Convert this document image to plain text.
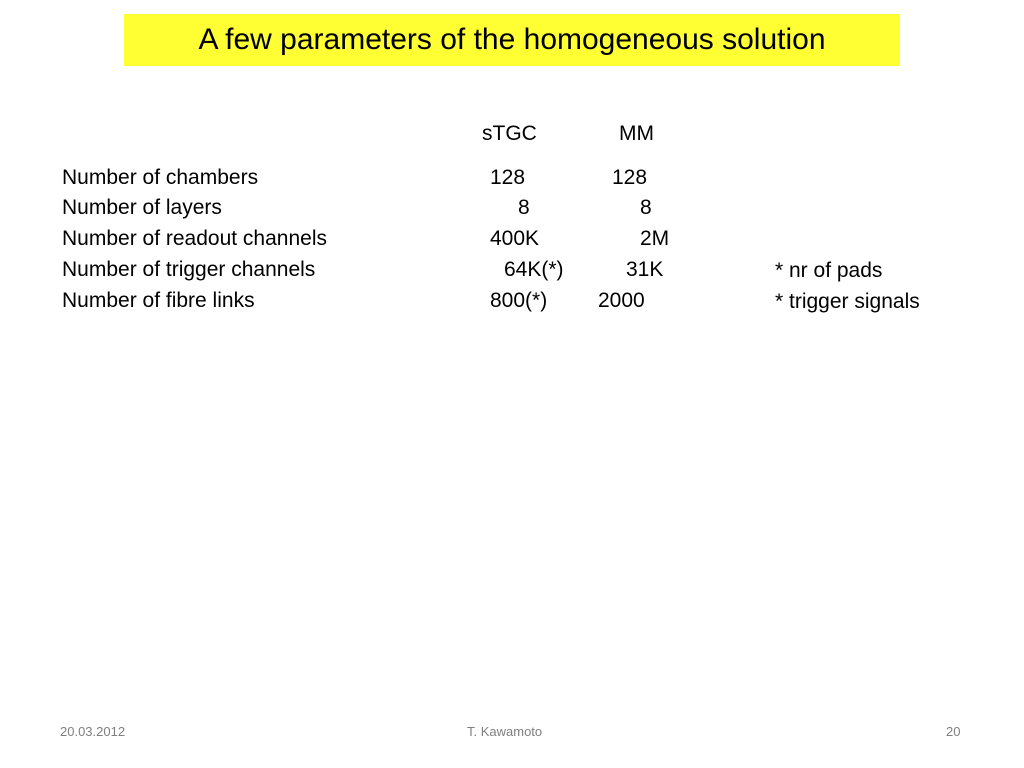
A few parameters of the homogeneous solution
sTGC	MM
Number of chambers	128	128
Number of layers	8	8
Number of readout channels	400K	2M
Number of trigger channels	64K(*)	31K
Number of fibre links	800(*) 2000
* nr of pads
* trigger signals
20.03.2012	T. Kawamoto	20
